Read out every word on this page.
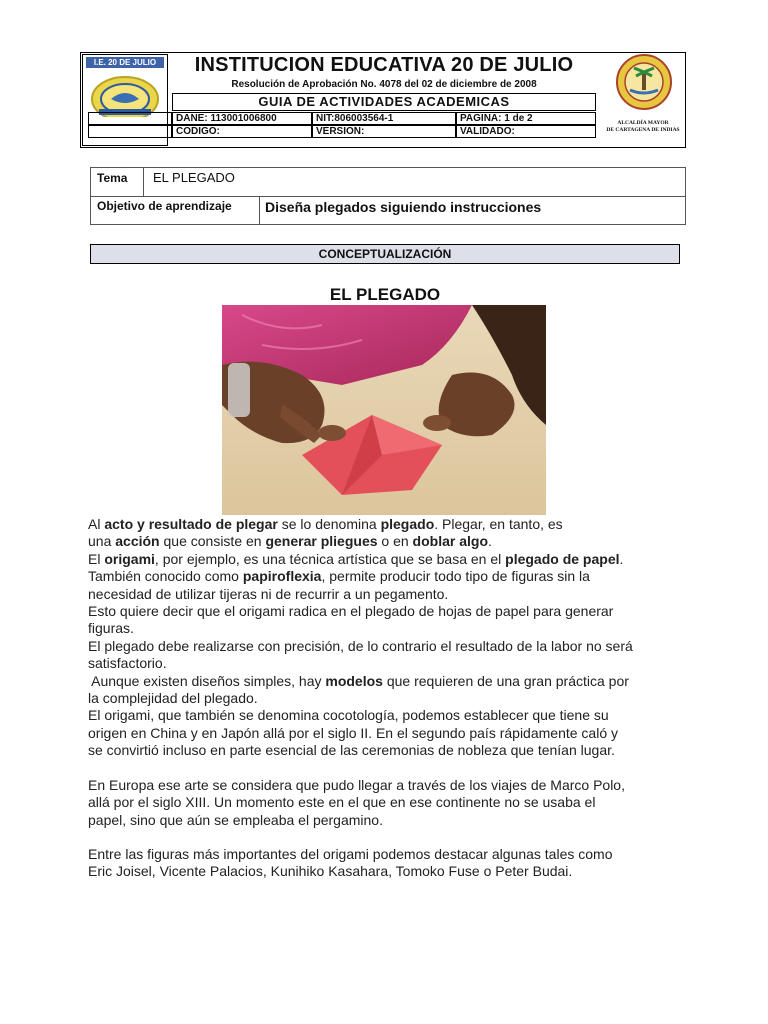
I.E. 20 DE JULIO	INSTITUCION EDUCATIVA 20 DE JULIO
Resolución de Aprobación No. 4078 del 02 de diciembre de 2008
GUIA DE ACTIVIDADES ACADEMICAS
DANE: 113001006800	NIT:806003564-1	PAGINA: 1 de 2
CODIGO:	VERSION:	VALIDADO:
ALCALDÍA MAYOR
DE CARTAGENA DE INDIAS
Tema EL PLEGADO
Objetivo de aprendizaje Diseña plegados siguiendo instrucciones
CONCEPTUALIZACIÓN
EL PLEGADO

Al acto y resultado de plegar se lo denomina plegado. Plegar, en tanto, es

una acción que consiste en generar pliegues o en doblar algo.

El origami, por ejemplo, es una técnica artística que se basa en el plegado de papel.

También conocido como papiroflexia, permite producir todo tipo de figuras sin la

necesidad de utilizar tijeras ni de recurrir a un pegamento.

Esto quiere decir que el origami radica en el plegado de hojas de papel para generar

figuras.

El plegado debe realizarse con precisión, de lo contrario el resultado de la labor no será

satisfactorio.

Aunque existen diseños simples, hay modelos que requieren de una gran práctica por

la complejidad del plegado.

El origami, que también se denomina cocotología, podemos establecer que tiene su

origen en China y en Japón allá por el siglo II. En el segundo país rápidamente caló y

se convirtió incluso en parte esencial de las ceremonias de nobleza que tenían lugar.

En Europa ese arte se considera que pudo llegar a través de los viajes de Marco Polo,

allá por el siglo XIII. Un momento este en el que en ese continente no se usaba el

papel, sino que aún se empleaba el pergamino.

Entre las figuras más importantes del origami podemos destacar algunas tales como

Eric Joisel, Vicente Palacios, Kunihiko Kasahara, Tomoko Fuse o Peter Budai.
